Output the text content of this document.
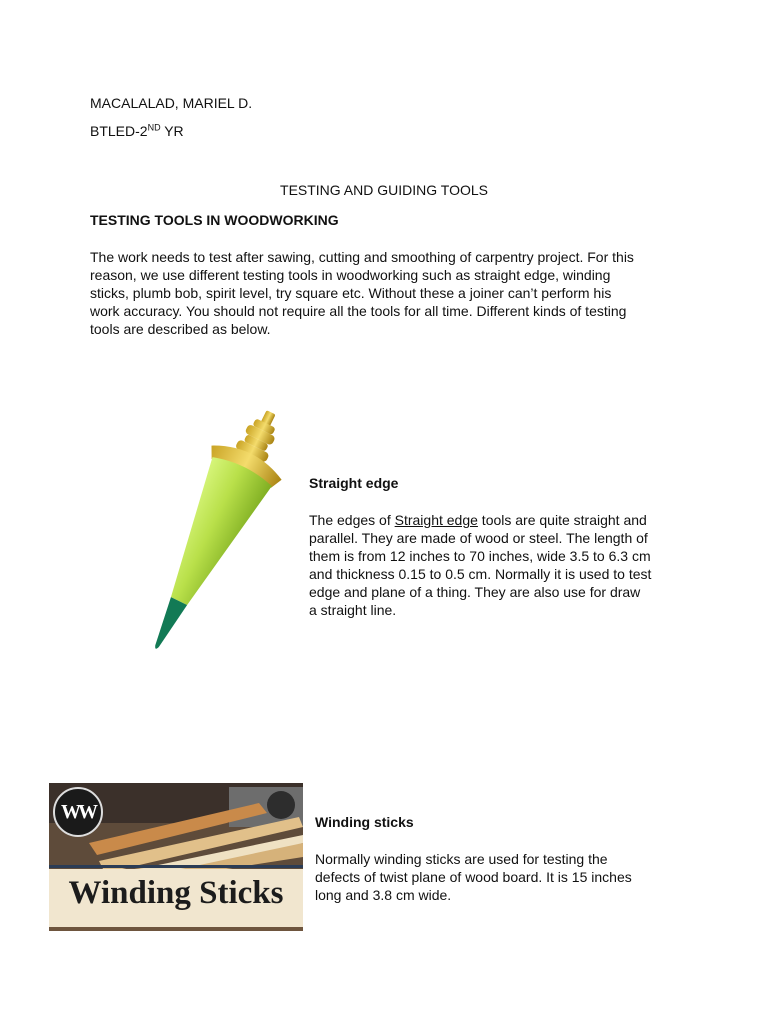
MACALALAD, MARIEL D.
BTLED-2ND YR
TESTING AND GUIDING TOOLS
TESTING TOOLS IN WOODWORKING
The work needs to test after sawing, cutting and smoothing of carpentry project. For this
reason, we use different testing tools in woodworking such as straight edge, winding
sticks, plumb bob, spirit level, try square etc. Without these a joiner can’t perform his
work accuracy. You should not require all the tools for all time. Different kinds of testing
tools are described as below.
Straight edge
The edges of Straight edge tools are quite straight and
parallel. They are made of wood or steel. The length of
them is from 12 inches to 70 inches, wide 3.5 to 6.3 cm
and thickness 0.15 to 0.5 cm. Normally it is used to test
edge and plane of a thing. They are also use for draw
a straight line.
WW
Winding Sticks
Winding sticks
Normally winding sticks are used for testing the
defects of twist plane of wood board. It is 15 inches
long and 3.8 cm wide.
